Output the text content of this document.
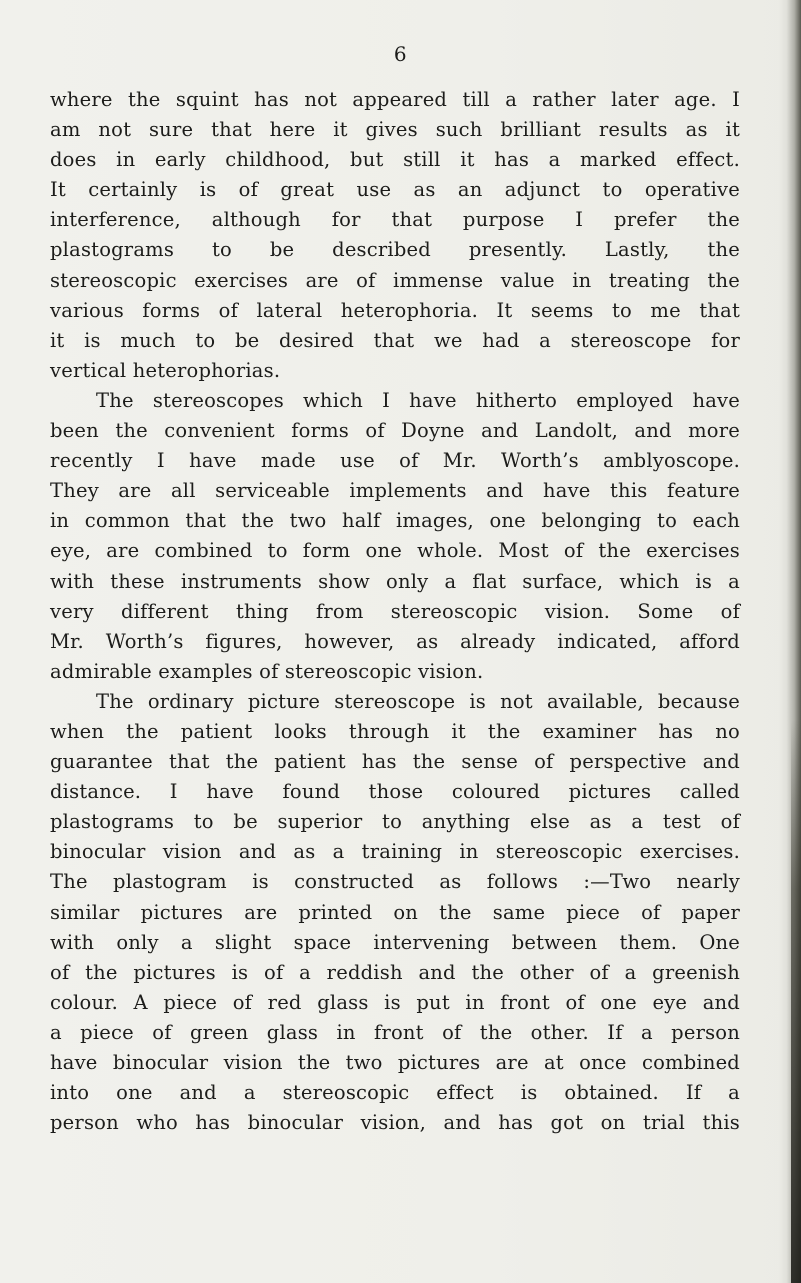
6
where the squint has not appeared till a rather later age. I
am not sure that here it gives such brilliant results as it
does in early childhood, but still it has a marked effect.
It certainly is of great use as an adjunct to operative
interference, although for that purpose I prefer the
plastograms to be described presently. Lastly, the
stereoscopic exercises are of immense value in treating the
various forms of lateral heterophoria. It seems to me that
it is much to be desired that we had a stereoscope for
vertical heterophorias.
The stereoscopes which I have hitherto employed have
been the convenient forms of Doyne and Landolt, and more
recently I have made use of Mr. Worth’s amblyoscope.
They are all serviceable implements and have this feature
in common that the two half images, one belonging to each
eye, are combined to form one whole. Most of the exercises
with these instruments show only a flat surface, which is a
very different thing from stereoscopic vision. Some of
Mr. Worth’s figures, however, as already indicated, afford
admirable examples of stereoscopic vision.
The ordinary picture stereoscope is not available, because
when the patient looks through it the examiner has no
guarantee that the patient has the sense of perspective and
distance. I have found those coloured pictures called
plastograms to be superior to anything else as a test of
binocular vision and as a training in stereoscopic exercises.
The plastogram is constructed as follows :—Two nearly
similar pictures are printed on the same piece of paper
with only a slight space intervening between them. One
of the pictures is of a reddish and the other of a greenish
colour. A piece of red glass is put in front of one eye and
a piece of green glass in front of the other. If a person
have binocular vision the two pictures are at once combined
into one and a stereoscopic effect is obtained. If a
person who has binocular vision, and has got on trial this
